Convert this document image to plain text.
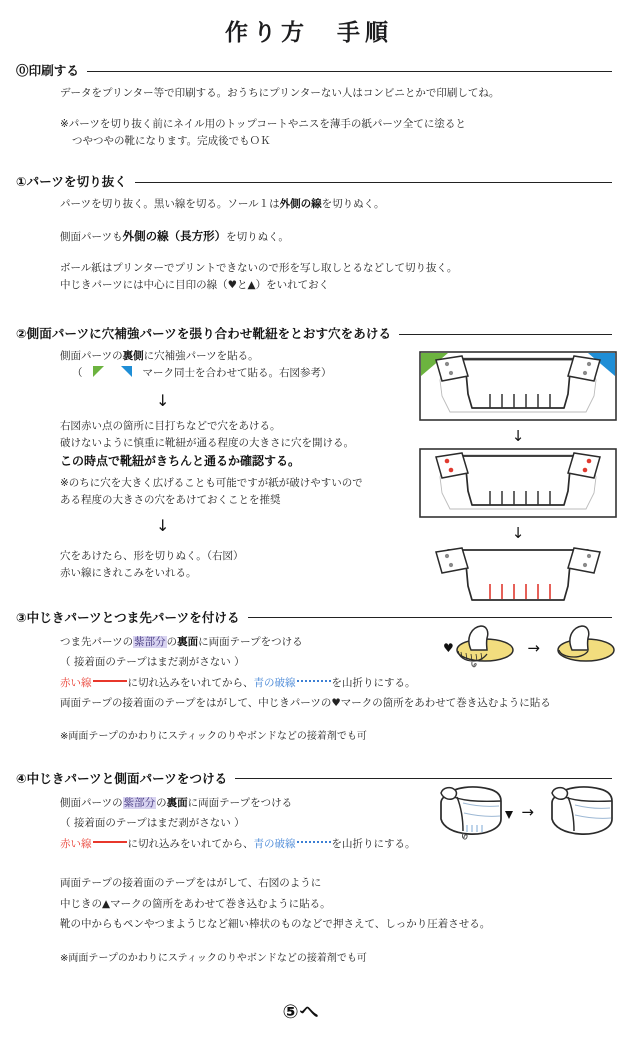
作り方　手順
⓪印刷する

データをプリンター等で印刷する。おうちにプリンターない人はコンビニとかで印刷してね。

※パーツを切り抜く前にネイル用のトップコートやニスを薄手の紙パーツ全てに塗ると

つやつやの靴になります。完成後でもＯＫ

①パーツを切り抜く

パーツを切り抜く。黒い線を切る。ソール１は外側の線を切りぬく。

側面パーツも外側の線（長方形）を切りぬく。

ボール紙はプリンターでプリントできないので形を写し取しとるなどして切り抜く。

中じきパーツには中心に目印の線（♥と▲）をいれておく

②側面パーツに穴補強パーツを張り合わせ靴紐をとおす穴をあける

側面パーツの裏側に穴補強パーツを貼る。

（	マーク同士を合わせて貼る。右図参考）

↓

右図赤い点の箇所に目打ちなどで穴をあける。

破けないように慎重に靴紐が通る程度の大きさに穴を開ける。

この時点で靴紐がきちんと通るか確認する。

※のちに穴を大きく広げることも可能ですが紙が破けやすいので

ある程度の大きさの穴をあけておくことを推奨

↓

穴をあけたら、形を切りぬく。（右図）

赤い線にきれこみをいれる。

↓
↓
③中じきパーツとつま先パーツを付ける

つま先パーツの紫部分の裏面に両面テープをつける

（ 接着面のテープはまだ剥がさない ）

赤い線	に切れ込みをいれてから、青の破線	を山折りにする。

両面テープの接着面のテープをはがして、中じきパーツの♥マークの箇所をあわせて巻き込むように貼る

※両面テープのかわりにスティックのりやボンドなどの接着剤でも可

♥	→
④中じきパーツと側面パーツをつける

側面パーツの紫部分の裏面に両面テープをつける

（ 接着面のテープはまだ剥がさない ）

赤い線	に切れ込みをいれてから、青の破線	を山折りにする。

両面テープの接着面のテープをはがして、右図のように

中じきの▲マークの箇所をあわせて巻き込むように貼る。

靴の中からもペンやつまようじなど細い棒状のものなどで押さえて、しっかり圧着させる。

※両面テープのかわりにスティックのりやボンドなどの接着剤でも可

→
⑤へ
